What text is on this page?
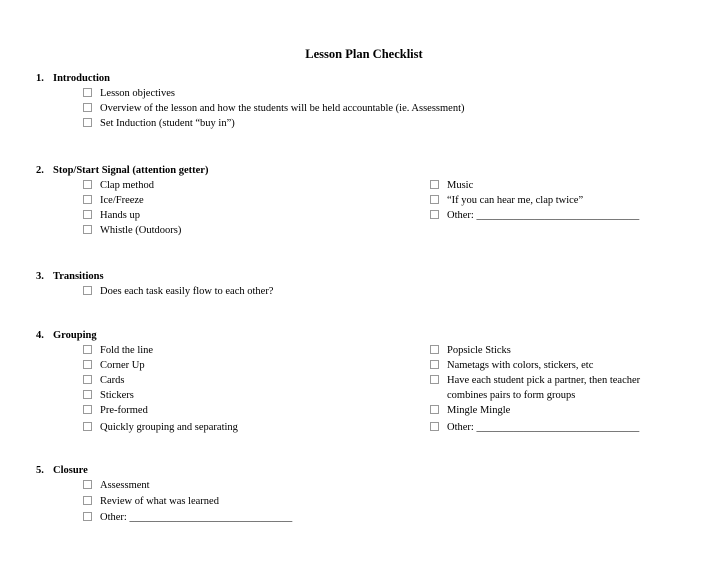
Lesson Plan Checklist
1. Introduction
Lesson objectives
Overview of the lesson and how the students will be held accountable (ie. Assessment)
Set Induction (student “buy in”)
2. Stop/Start Signal (attention getter)
Clap method
Ice/Freeze
Hands up
Whistle (Outdoors)
Music
“If you can hear me, clap twice”
Other: _______________________________
3. Transitions
Does each task easily flow to each other?
4. Grouping
Fold the line
Corner Up
Cards
Stickers
Pre-formed
Quickly grouping and separating
Popsicle Sticks
Nametags with colors, stickers, etc
Have each student pick a partner, then teacher
combines pairs to form groups
Mingle Mingle
Other: _______________________________
5. Closure
Assessment
Review of what was learned
Other: _______________________________
